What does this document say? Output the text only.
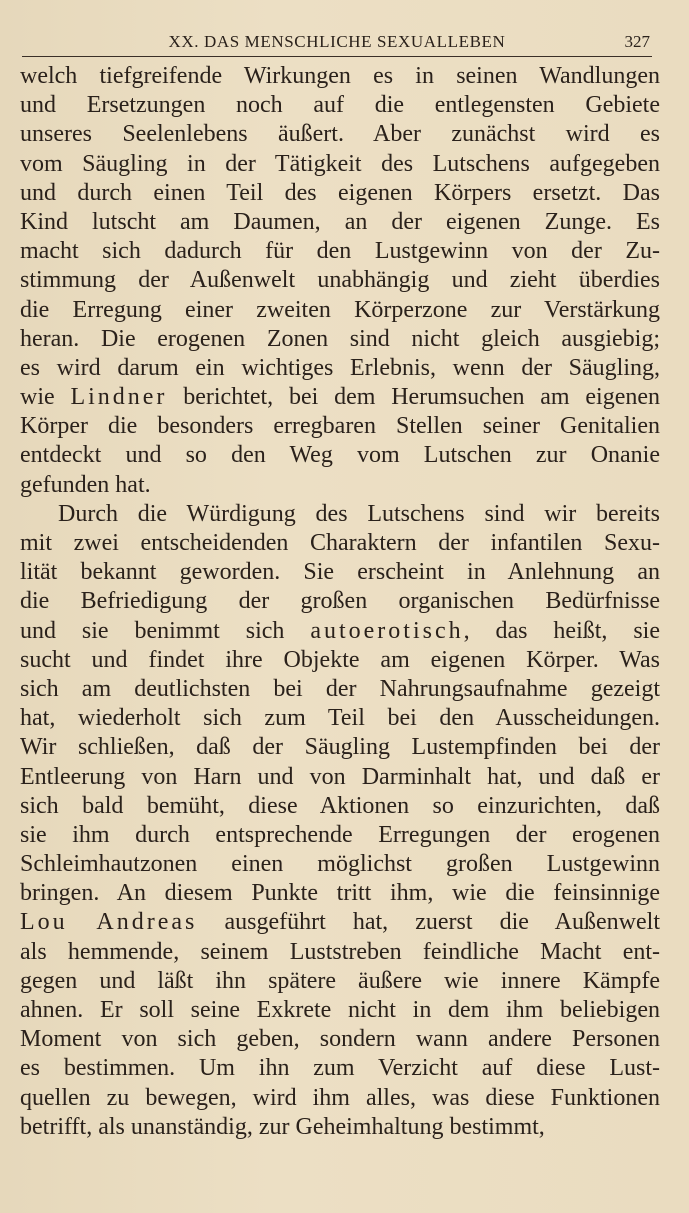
XX. DAS MENSCHLICHE SEXUALLEBEN	327
welch tiefgreifende Wirkungen es in seinen Wandlungen
und Ersetzungen noch auf die entlegensten Gebiete
unseres Seelenlebens äußert. Aber zunächst wird es
vom Säugling in der Tätigkeit des Lutschens aufgegeben
und durch einen Teil des eigenen Körpers ersetzt. Das
Kind lutscht am Daumen, an der eigenen Zunge. Es
macht sich dadurch für den Lustgewinn von der Zu-
stimmung der Außenwelt unabhängig und zieht überdies
die Erregung einer zweiten Körperzone zur Verstärkung
heran. Die erogenen Zonen sind nicht gleich ausgiebig;
es wird darum ein wichtiges Erlebnis, wenn der Säugling,
wie Lindner berichtet, bei dem Herumsuchen am eigenen
Körper die besonders erregbaren Stellen seiner Genitalien
entdeckt und so den Weg vom Lutschen zur Onanie
gefunden hat.
Durch die Würdigung des Lutschens sind wir bereits
mit zwei entscheidenden Charaktern der infantilen Sexu-
lität bekannt geworden. Sie erscheint in Anlehnung an
die Befriedigung der großen organischen Bedürfnisse
und sie benimmt sich autoerotisch, das heißt, sie
sucht und findet ihre Objekte am eigenen Körper. Was
sich am deutlichsten bei der Nahrungsaufnahme gezeigt
hat, wiederholt sich zum Teil bei den Ausscheidungen.
Wir schließen, daß der Säugling Lustempfinden bei der
Entleerung von Harn und von Darminhalt hat, und daß er
sich bald bemüht, diese Aktionen so einzurichten, daß
sie ihm durch entsprechende Erregungen der erogenen
Schleimhautzonen einen möglichst großen Lustgewinn
bringen. An diesem Punkte tritt ihm, wie die feinsinnige
Lou Andreas ausgeführt hat, zuerst die Außenwelt
als hemmende, seinem Luststreben feindliche Macht ent-
gegen und läßt ihn spätere äußere wie innere Kämpfe
ahnen. Er soll seine Exkrete nicht in dem ihm beliebigen
Moment von sich geben, sondern wann andere Personen
es bestimmen. Um ihn zum Verzicht auf diese Lust-
quellen zu bewegen, wird ihm alles, was diese Funktionen
betrifft, als unanständig, zur Geheimhaltung bestimmt,
